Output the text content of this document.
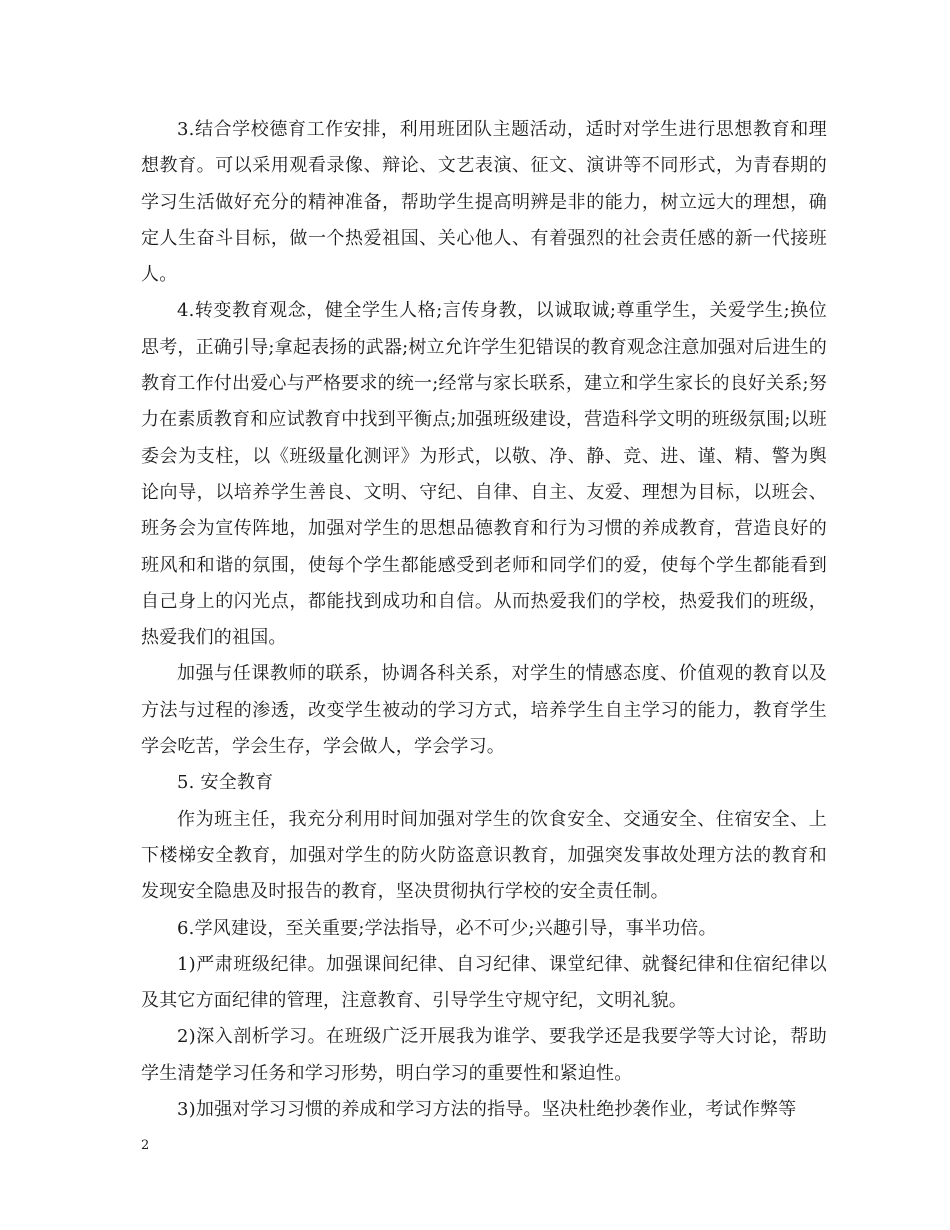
3.结合学校德育工作安排，利用班团队主题活动，适时对学生进行思想教育和理想教育。可以采用观看录像、辩论、文艺表演、征文、演讲等不同形式，为青春期的学习生活做好充分的精神准备，帮助学生提高明辨是非的能力，树立远大的理想，确定人生奋斗目标，做一个热爱祖国、关心他人、有着强烈的社会责任感的新一代接班人。

4.转变教育观念，健全学生人格;言传身教，以诚取诚;尊重学生，关爱学生;换位思考，正确引导;拿起表扬的武器;树立允许学生犯错误的教育观念注意加强对后进生的教育工作付出爱心与严格要求的统一;经常与家长联系，建立和学生家长的良好关系;努力在素质教育和应试教育中找到平衡点;加强班级建设，营造科学文明的班级氛围;以班委会为支柱，以《班级量化测评》为形式，以敬、净、静、竞、进、谨、精、警为舆论向导，以培养学生善良、文明、守纪、自律、自主、友爱、理想为目标，以班会、班务会为宣传阵地，加强对学生的思想品德教育和行为习惯的养成教育，营造良好的班风和和谐的氛围，使每个学生都能感受到老师和同学们的爱，使每个学生都能看到自己身上的闪光点，都能找到成功和自信。从而热爱我们的学校，热爱我们的班级，热爱我们的祖国。

加强与任课教师的联系，协调各科关系，对学生的情感态度、价值观的教育以及方法与过程的渗透，改变学生被动的学习方式，培养学生自主学习的能力，教育学生学会吃苦，学会生存，学会做人，学会学习。

5. 安全教育

作为班主任，我充分利用时间加强对学生的饮食安全、交通安全、住宿安全、上下楼梯安全教育，加强对学生的防火防盗意识教育，加强突发事故处理方法的教育和发现安全隐患及时报告的教育，坚决贯彻执行学校的安全责任制。

6.学风建设，至关重要;学法指导，必不可少;兴趣引导，事半功倍。

1)严肃班级纪律。加强课间纪律、自习纪律、课堂纪律、就餐纪律和住宿纪律以及其它方面纪律的管理，注意教育、引导学生守规守纪，文明礼貌。

2)深入剖析学习。在班级广泛开展我为谁学、要我学还是我要学等大讨论，帮助学生清楚学习任务和学习形势，明白学习的重要性和紧迫性。

3)加强对学习习惯的养成和学习方法的指导。坚决杜绝抄袭作业，考试作弊等

2
